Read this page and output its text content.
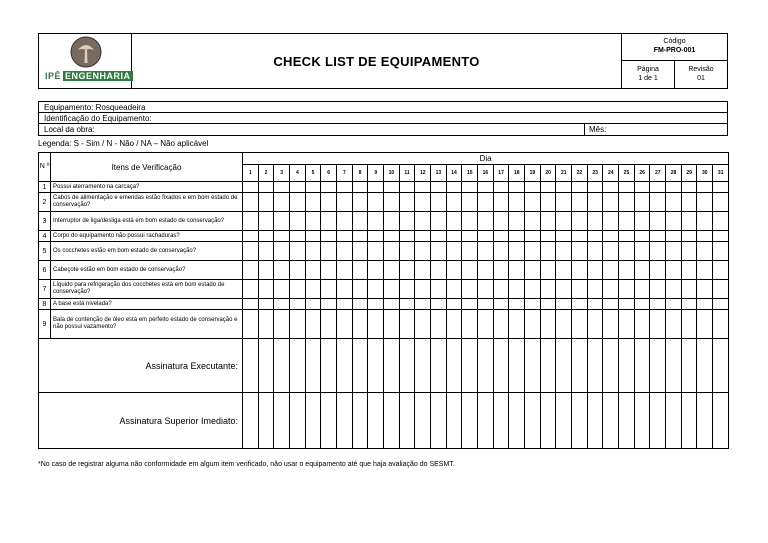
IPÊ ENGENHARIA
CHECK LIST DE EQUIPAMENTO
Código
FM-PRO-001
Página
1 de 1
Revisão
01
Equipamento: Rosqueadeira
Identificação do Equipamento:
Local da obra:	Mês:
Legenda: S - Sim / N - Não / NA – Não aplicável
N º	Itens de Verificação	Dia																														
		1	2	3	4	5	6	7	8	9	10	11	12	13	14	15	16	17	18	19	20	21	22	23	24	25	26	27	28	29	30	31
1	Possui aterramento na carcaça?																															
2	Cabos de alimentação e emendas estão fixados e em bom estado de conservação?																															
3	Interruptor de liga/desliga está em bom estado de conservação?																															
4	Corpo do equipamento não possui rachaduras?																															
5	Os cocchetes estão em bom estado de conservação?																															
6	Cabeçote estão em bom estado de conservação?																															
7	Líquido para refrigeração dos cocchetes está em bom estado de conservação?																															
8	A base está nivelada?																															
9	Bala de contenção de óleo está em perfeito estado de conservação e não possui vazamento?																															
Assinatura Executante:																																
Assinatura Superior Imediato:																																
*No caso de registrar alguma não conformidade em algum item verificado, não usar o equipamento até que haja avaliação do SESMT.
